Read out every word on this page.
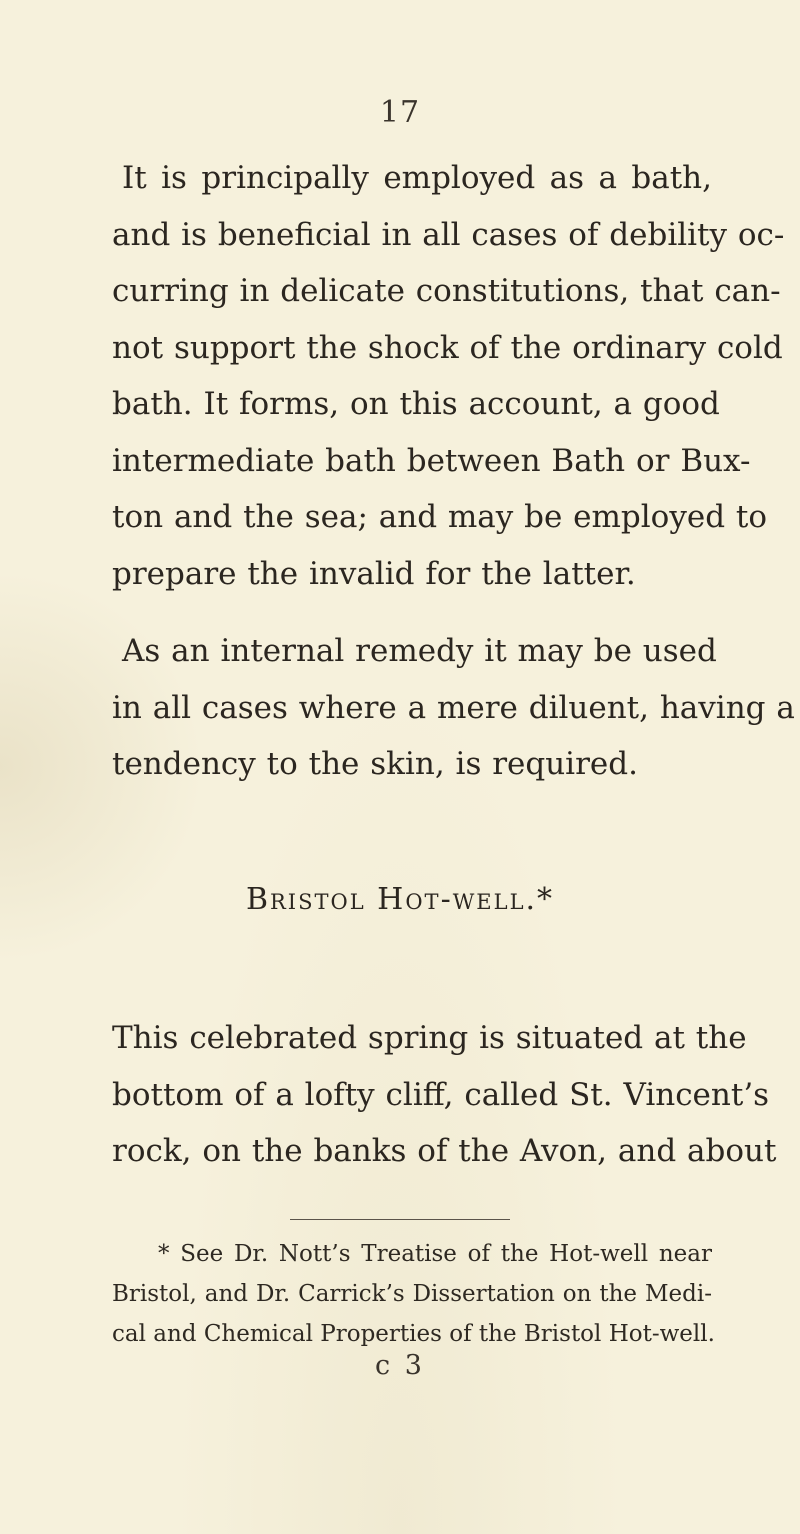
17
It is principally employed as a bath,
and is beneficial in all cases of debility oc-
curring in delicate constitutions, that can-
not support the shock of the ordinary cold
bath. It forms, on this account, a good
intermediate bath between Bath or Bux-
ton and the sea; and may be employed to
prepare the invalid for the latter.
As an internal remedy it may be used
in all cases where a mere diluent, having a
tendency to the skin, is required.
Bristol Hot-well.*
This celebrated spring is situated at the
bottom of a lofty cliff, called St. Vincent’s
rock, on the banks of the Avon, and about
* See Dr. Nott’s Treatise of the Hot-well near
Bristol, and Dr. Carrick’s Dissertation on the Medi-
cal and Chemical Properties of the Bristol Hot-well.
c 3
